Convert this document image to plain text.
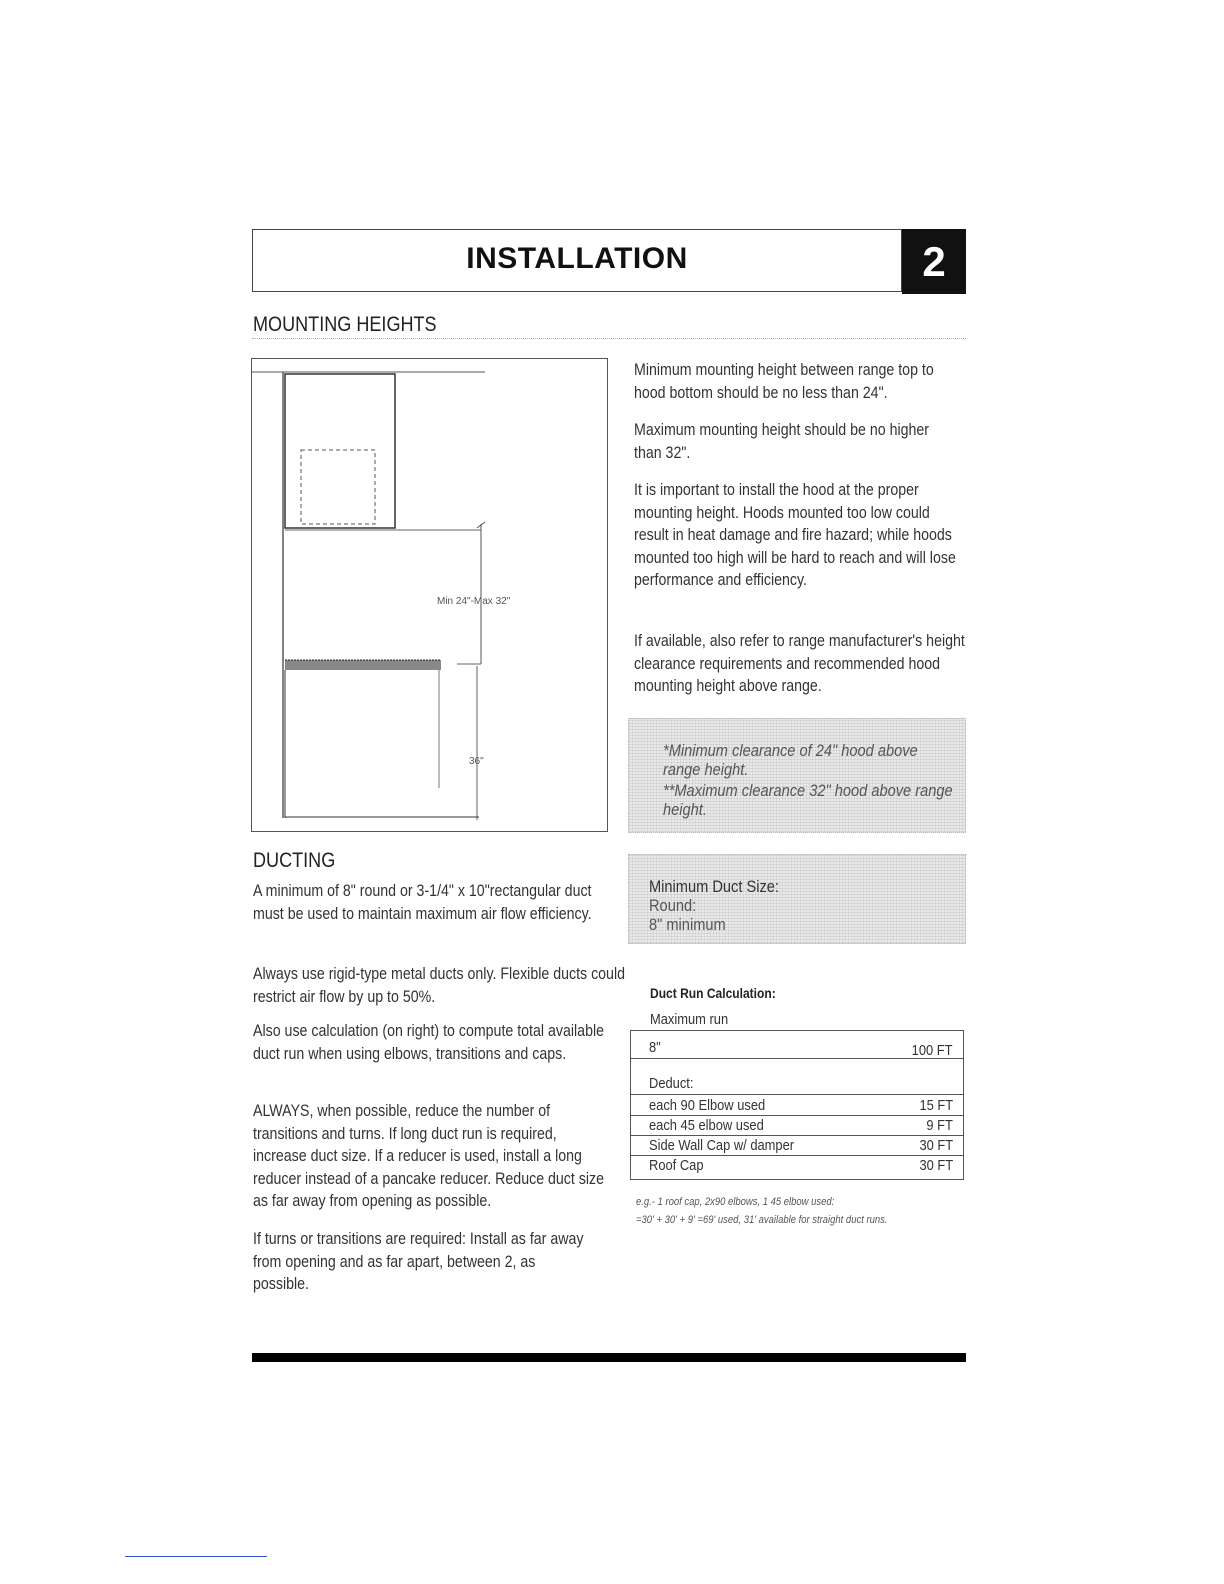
INSTALLATION	2
MOUNTING HEIGHTS
Min 24"-Max 32"
36"

Minimum mounting height between range top to hood bottom should be no less than 24".

Maximum mounting height should be no higher than 32".

It is important to install the hood at the proper mounting height. Hoods mounted too low could result in heat damage and fire hazard; while hoods mounted too high will be hard to reach and will lose performance and efficiency.

If available, also refer to range manufacturer's height clearance requirements and recommended hood mounting height above range.

*Minimum clearance of 24" hood above range height.
**Maximum clearance 32" hood above range height.
DUCTING

A minimum of 8" round or 3-1/4" x 10"rectangular duct must be used to maintain maximum air flow efficiency.

Always use rigid-type metal ducts only. Flexible ducts could restrict air flow by up to 50%.

Also use calculation (on right) to compute total available duct run when using elbows, transitions and caps.

ALWAYS, when possible, reduce the number of transitions and turns. If long duct run is required, increase duct size. If a reducer is used, install a long reducer instead of a pancake reducer. Reduce duct size as far away from opening as possible.

If turns or transitions are required: Install as far away from opening and as far apart, between 2, as possible.

Minimum Duct Size:
Round:
8" minimum
Duct Run Calculation:
Maximum run
8"	100 FT
Deduct:
each 90 Elbow used	15 FT
each 45 elbow used	9 FT
Side Wall Cap w/ damper	30 FT
Roof Cap	30 FT
e.g.- 1 roof cap, 2x90 elbows, 1 45 elbow used:
=30' + 30' + 9' =69' used, 31' available for straight duct runs.
